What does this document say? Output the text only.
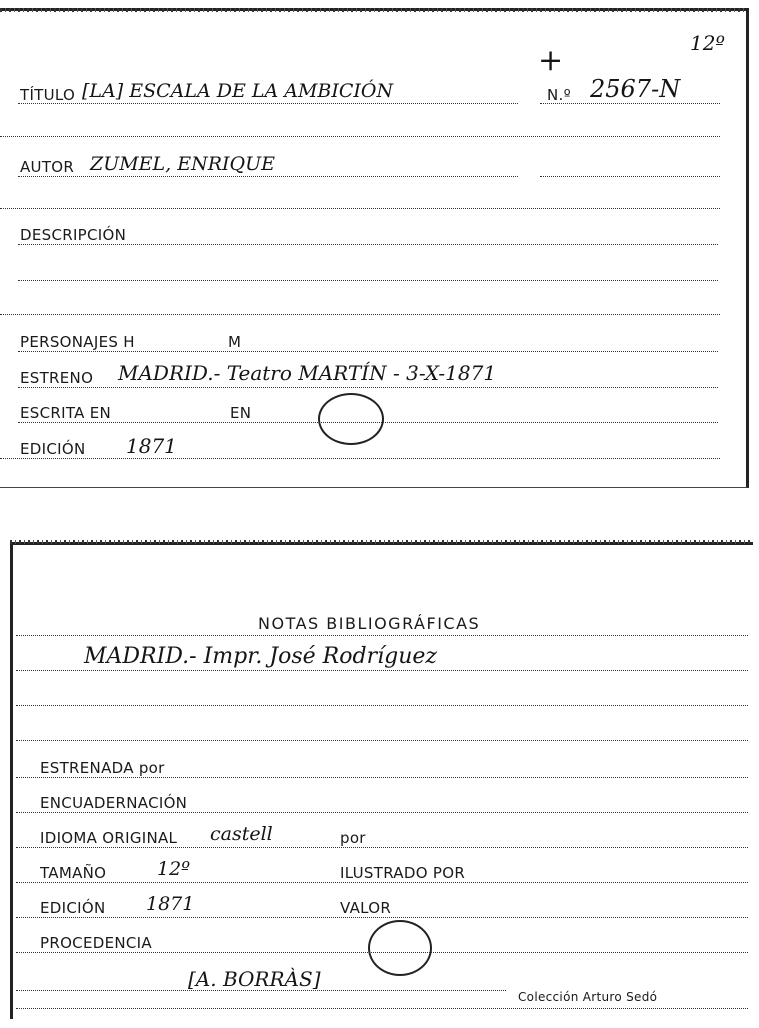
12º
+
TÍTULO [LA] ESCALA DE LA AMBICIÓN	N.º 2567-N
AUTOR ZUMEL, ENRIQUE
DESCRIPCIÓN
PERSONAJES H	M
ESTRENO MADRID.- Teatro MARTÍN - 3-X-1871
ESCRITA EN	EN
EDICIÓN 1871
NOTAS BIBLIOGRÁFICAS
MADRID.- Impr. José Rodríguez
ESTRENADA por
ENCUADERNACIÓN
IDIOMA ORIGINAL castell	por
TAMAÑO	12º	ILUSTRADO POR
EDICIÓN 1871	VALOR
PROCEDENCIA
[A. BORRÀS]
Colección Arturo Sedó
